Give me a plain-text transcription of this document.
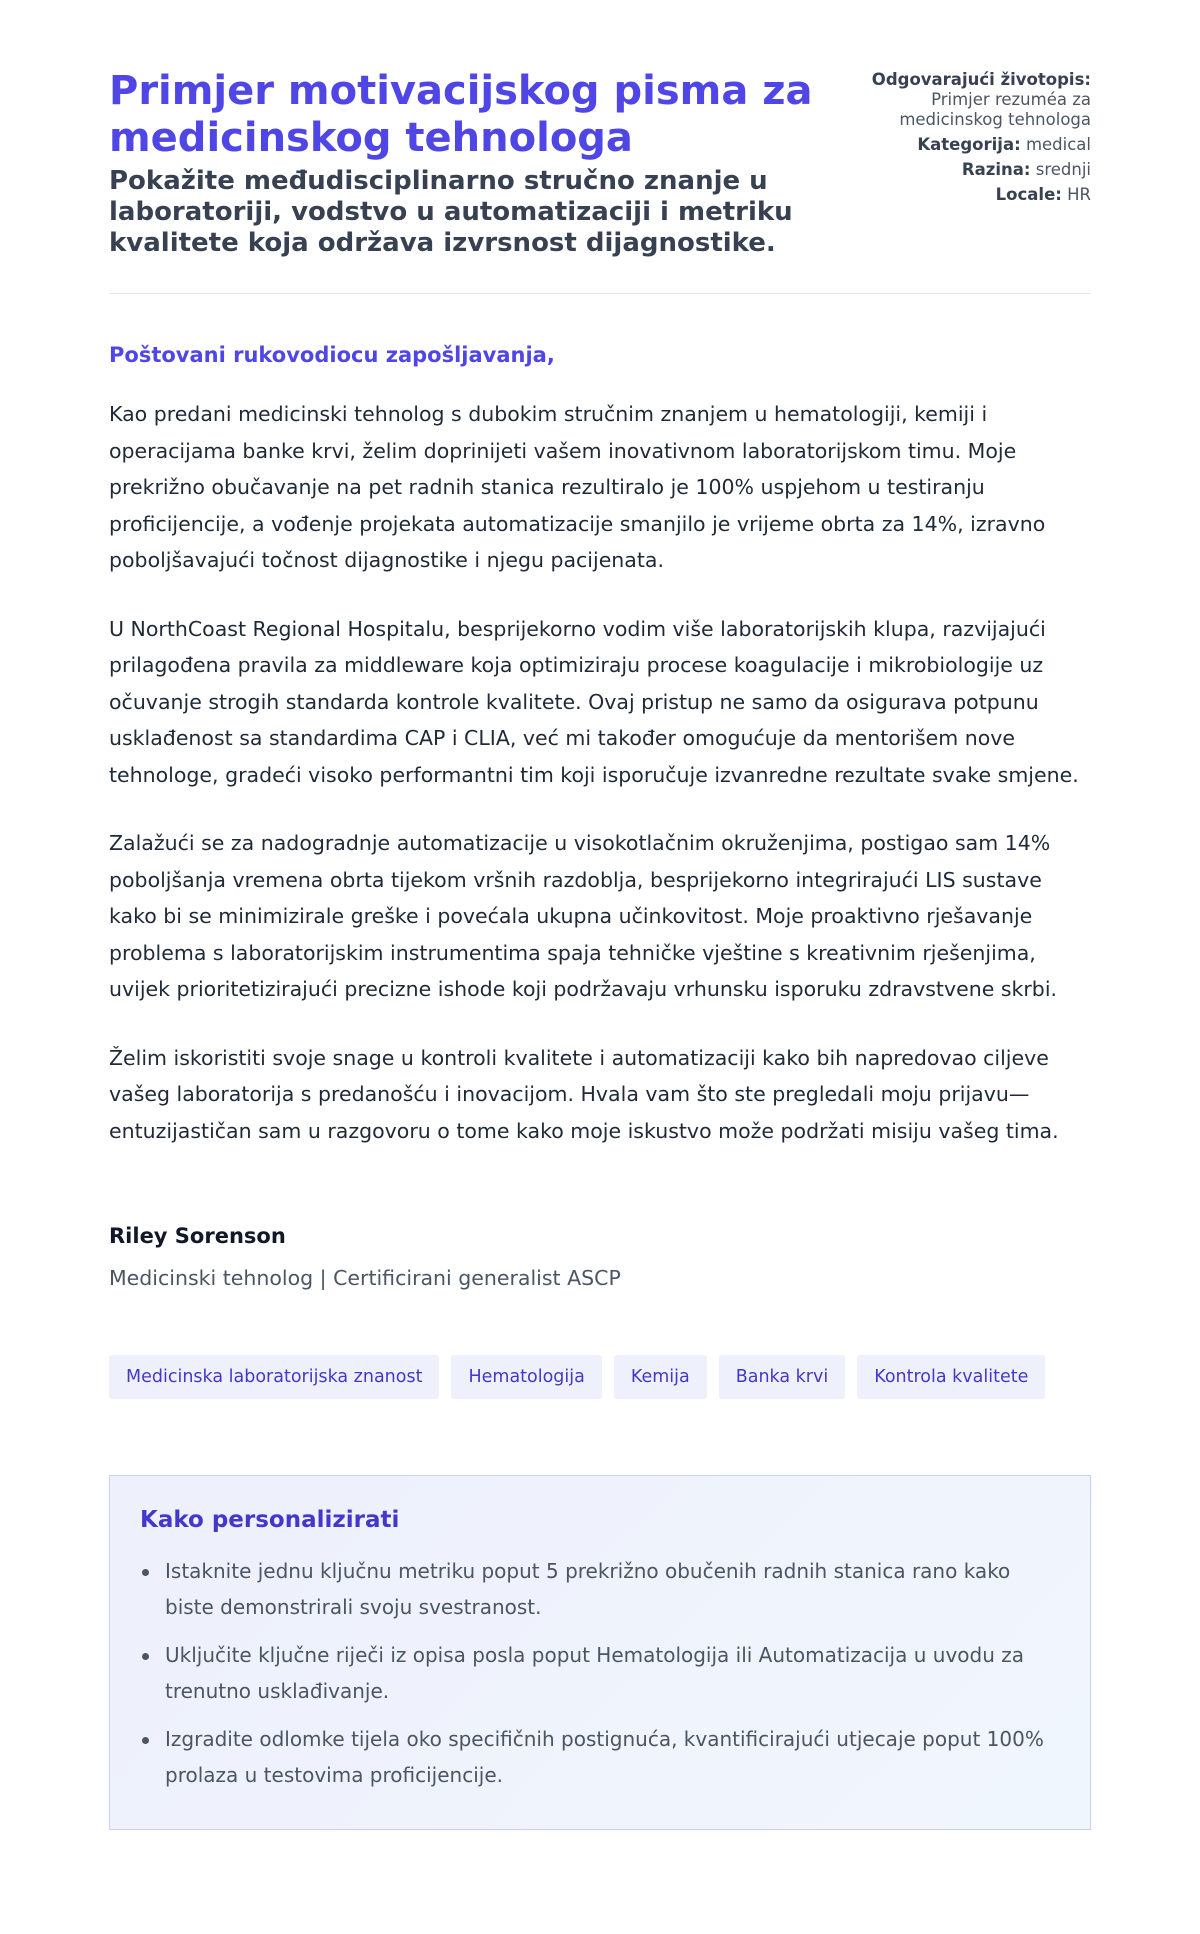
Primjer motivacijskog pisma za medicinskog tehnologa
Pokažite međudisciplinarno stručno znanje u laboratoriji, vodstvo u automatizaciji i metriku kvalitete koja održava izvrsnost dijagnostike.
Odgovarajući životopis: Primjer rezuméa za medicinskog tehnologa
Kategorija: medical
Razina: srednji
Locale: HR
Poštovani rukovodiocu zapošljavanja,

Kao predani medicinski tehnolog s dubokim stručnim znanjem u hematologiji, kemiji i operacijama banke krvi, želim doprinijeti vašem inovativnom laboratorijskom timu. Moje prekrižno obučavanje na pet radnih stanica rezultiralo je 100% uspjehom u testiranju proficijencije, a vođenje projekata automatizacije smanjilo je vrijeme obrta za 14%, izravno poboljšavajući točnost dijagnostike i njegu pacijenata.

U NorthCoast Regional Hospitalu, besprijekorno vodim više laboratorijskih klupa, razvijajući prilagođena pravila za middleware koja optimiziraju procese koagulacije i mikrobiologije uz očuvanje strogih standarda kontrole kvalitete. Ovaj pristup ne samo da osigurava potpunu usklađenost sa standardima CAP i CLIA, već mi također omogućuje da mentorišem nove tehnologe, gradeći visoko performantni tim koji isporučuje izvanredne rezultate svake smjene.

Zalažući se za nadogradnje automatizacije u visokotlačnim okruženjima, postigao sam 14% poboljšanja vremena obrta tijekom vršnih razdoblja, besprijekorno integrirajući LIS sustave kako bi se minimizirale greške i povećala ukupna učinkovitost. Moje proaktivno rješavanje problema s laboratorijskim instrumentima spaja tehničke vještine s kreativnim rješenjima, uvijek prioritetizirajući precizne ishode koji podržavaju vrhunsku isporuku zdravstvene skrbi.

Želim iskoristiti svoje snage u kontroli kvalitete i automatizaciji kako bih napredovao ciljeve vašeg laboratorija s predanošću i inovacijom. Hvala vam što ste pregledali moju prijavu—entuzijastičan sam u razgovoru o tome kako moje iskustvo može podržati misiju vašeg tima.

Riley Sorenson
Medicinski tehnolog | Certificirani generalist ASCP
Medicinska laboratorijska znanost	Hematologija	Kemija	Banka krvi	Kontrola kvalitete
Kako personalizirati
Istaknite jednu ključnu metriku poput 5 prekrižno obučenih radnih stanica rano kako biste demonstrirali svoju svestranost.
Uključite ključne riječi iz opisa posla poput Hematologija ili Automatizacija u uvodu za trenutno usklađivanje.
Izgradite odlomke tijela oko specifičnih postignuća, kvantificirajući utjecaje poput 100% prolaza u testovima proficijencije.
